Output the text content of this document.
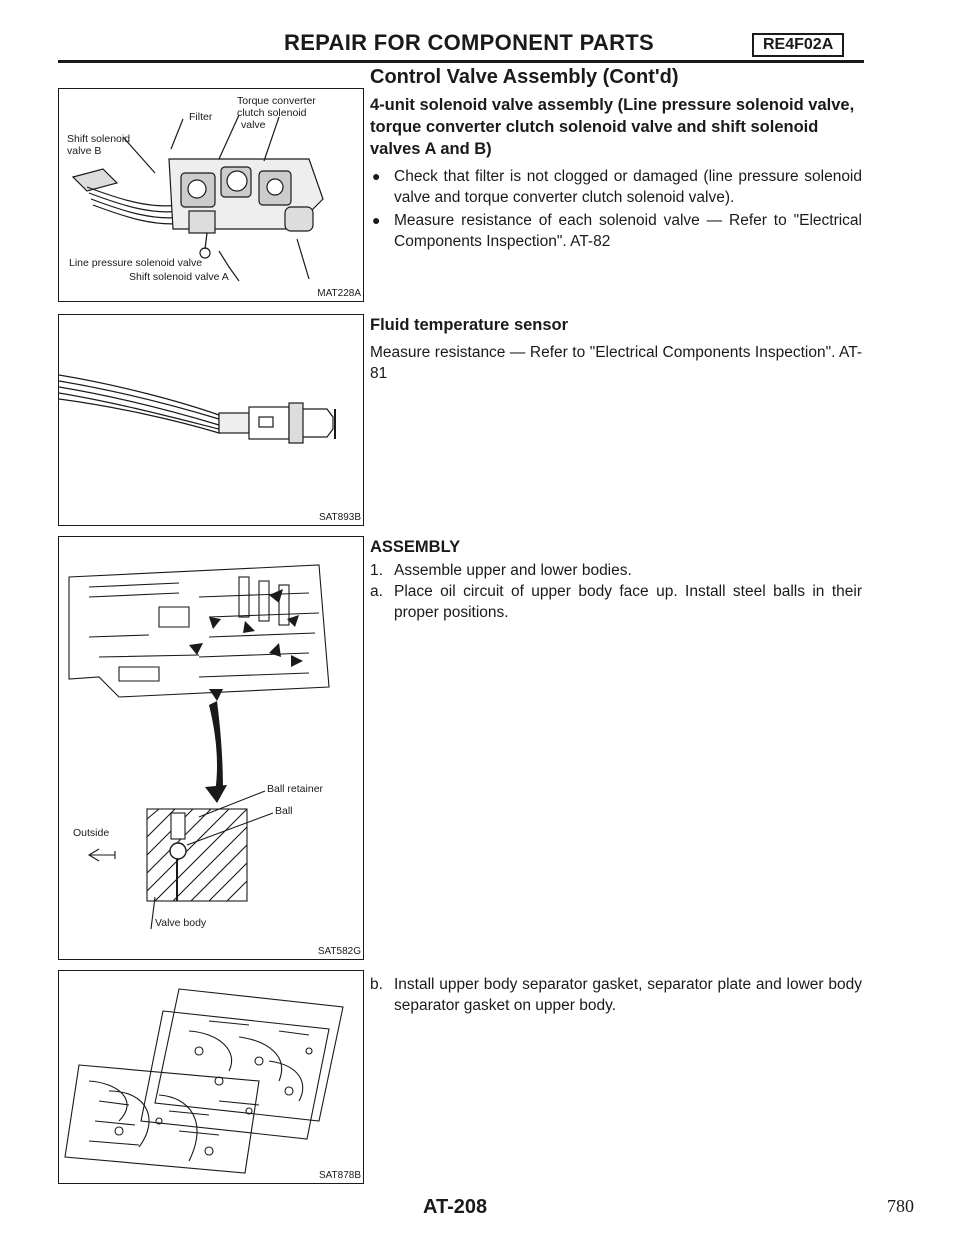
REPAIR FOR COMPONENT PARTS	RE4F02A
Control Valve Assembly (Cont'd)
Torque converter
clutch solenoid
valve
Filter
Shift solenoid
valve B
Line pressure solenoid valve
Shift solenoid valve A
MAT228A
SAT893B
Ball retainer
Ball
Outside
Valve body
SAT582G
SAT878B

4-unit solenoid valve assembly (Line pressure solenoid valve, torque converter clutch solenoid valve and shift solenoid valves A and B)

● Check that filter is not clogged or damaged (line pressure solenoid valve and torque converter clutch solenoid valve).
● Measure resistance of each solenoid valve — Refer to "Electrical Components Inspection". AT-82

Fluid temperature sensor

Measure resistance — Refer to "Electrical Components Inspection". AT-81

ASSEMBLY

1. Assemble upper and lower bodies.
a. Place oil circuit of upper body face up. Install steel balls in their proper positions.
b. Install upper body separator gasket, separator plate and lower body separator gasket on upper body.
AT-208	780
